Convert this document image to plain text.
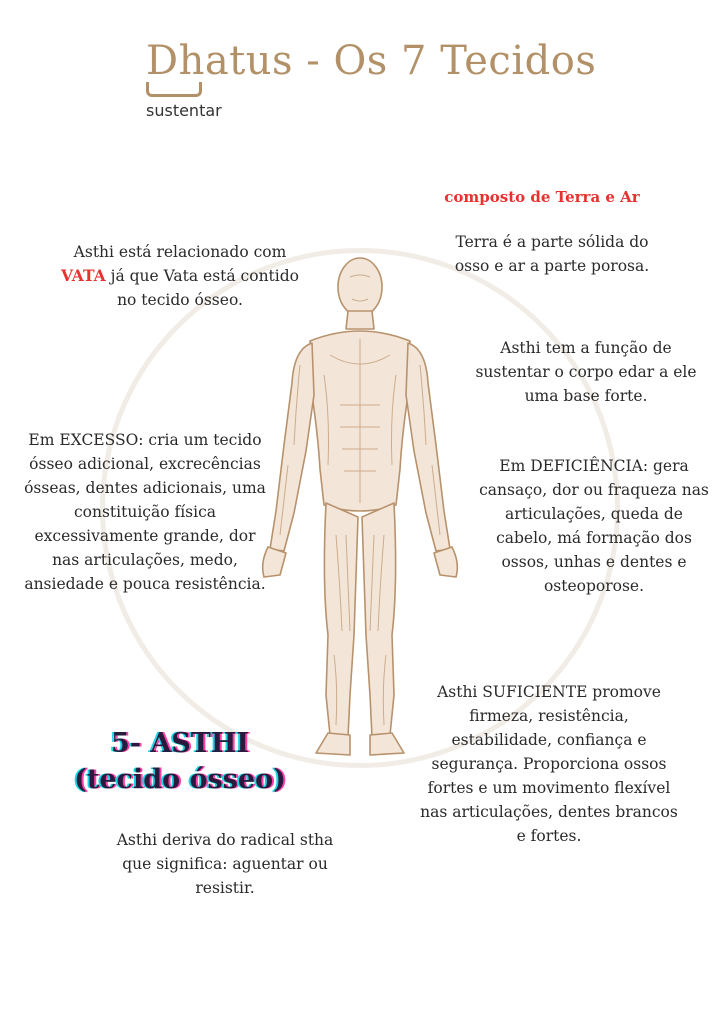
Dhatus - Os 7 Tecidos
sustentar
composto de Terra e Ar
Terra é a parte sólida do osso e ar a parte porosa.
Asthi está relacionado com VATA já que Vata está contido no tecido ósseo.
Asthi tem a função de sustentar o corpo edar a ele uma base forte.
Em EXCESSO: cria um tecido ósseo adicional, excrecências ósseas, dentes adicionais, uma constituição física excessivamente grande, dor nas articulações, medo, ansiedade e pouca resistência.
Em DEFICIÊNCIA: gera cansaço, dor ou fraqueza nas articulações, queda de cabelo, má formação dos ossos, unhas e dentes e osteoporose.
Asthi SUFICIENTE promove firmeza, resistência, estabilidade, confiança e segurança. Proporciona ossos fortes e um movimento flexível nas articulações, dentes brancos e fortes.
5- ASTHI
(tecido ósseo)
Asthi deriva do radical stha que significa: aguentar ou resistir.
